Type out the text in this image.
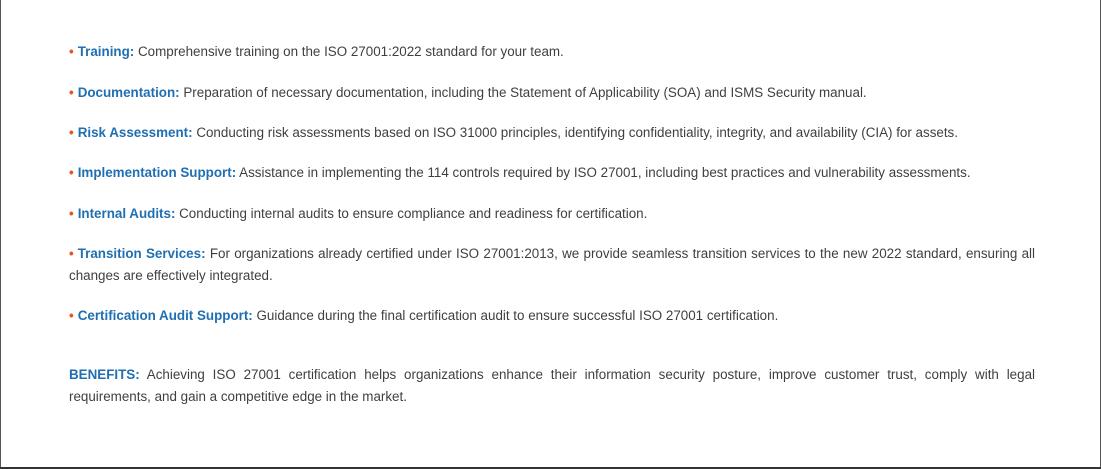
• Training: Comprehensive training on the ISO 27001:2022 standard for your team.

• Documentation: Preparation of necessary documentation, including the Statement of Applicability (SOA) and ISMS Security manual.

• Risk Assessment: Conducting risk assessments based on ISO 31000 principles, identifying confidentiality, integrity, and availability (CIA) for assets.

• Implementation Support: Assistance in implementing the 114 controls required by ISO 27001, including best practices and vulnerability assessments.

• Internal Audits: Conducting internal audits to ensure compliance and readiness for certification.

• Transition Services: For organizations already certified under ISO 27001:2013, we provide seamless transition services to the new 2022 standard, ensuring all changes are effectively integrated.

• Certification Audit Support: Guidance during the final certification audit to ensure successful ISO 27001 certification.

BENEFITS: Achieving ISO 27001 certification helps organizations enhance their information security posture, improve customer trust, comply with legal requirements, and gain a competitive edge in the market.
